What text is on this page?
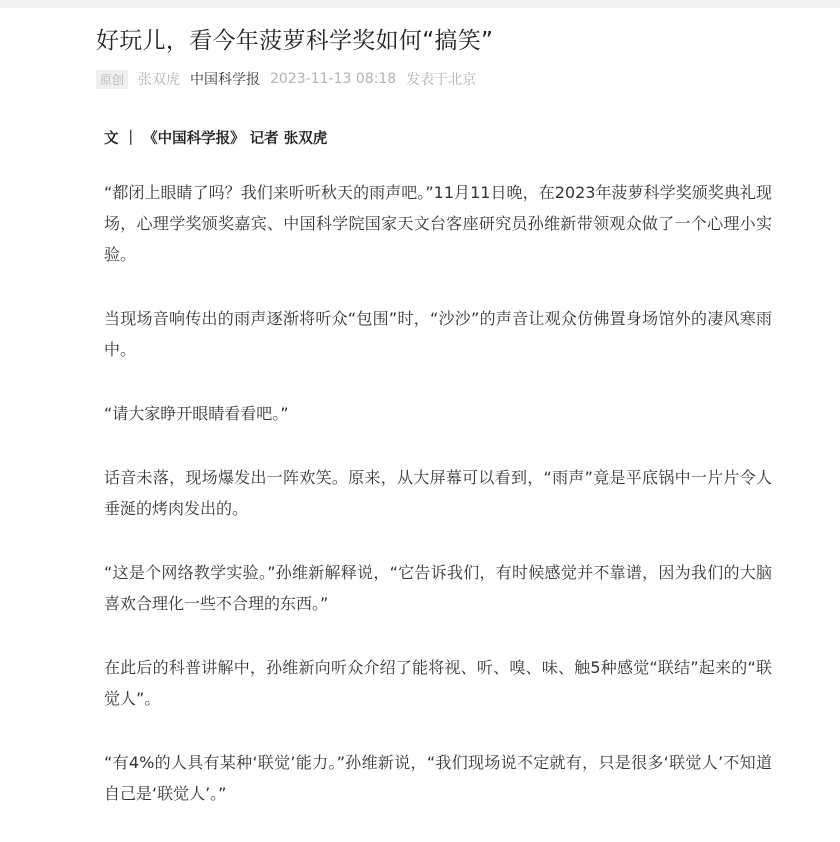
好玩儿，看今年菠萝科学奖如何“搞笑”
原创 张双虎 中国科学报 2023-11-13 08:18 发表于北京
文 ｜ 《中国科学报》 记者 张双虎

“都闭上眼睛了吗？我们来听听秋天的雨声吧。”11月11日晚，在2023年菠萝科学奖颁奖典礼现场，心理学奖颁奖嘉宾、中国科学院国家天文台客座研究员孙维新带领观众做了一个心理小实验。

当现场音响传出的雨声逐渐将听众“包围”时，“沙沙”的声音让观众仿佛置身场馆外的凄风寒雨中。

“请大家睁开眼睛看看吧。”

话音未落，现场爆发出一阵欢笑。原来，从大屏幕可以看到，“雨声”竟是平底锅中一片片令人垂涎的烤肉发出的。

“这是个网络教学实验。”孙维新解释说，“它告诉我们，有时候感觉并不靠谱，因为我们的大脑喜欢合理化一些不合理的东西。”

在此后的科普讲解中，孙维新向听众介绍了能将视、听、嗅、味、触5种感觉“联结”起来的“联觉人”。

“有4%的人具有某种‘联觉’能力。”孙维新说，“我们现场说不定就有，只是很多‘联觉人’不知道自己是‘联觉人’。”
